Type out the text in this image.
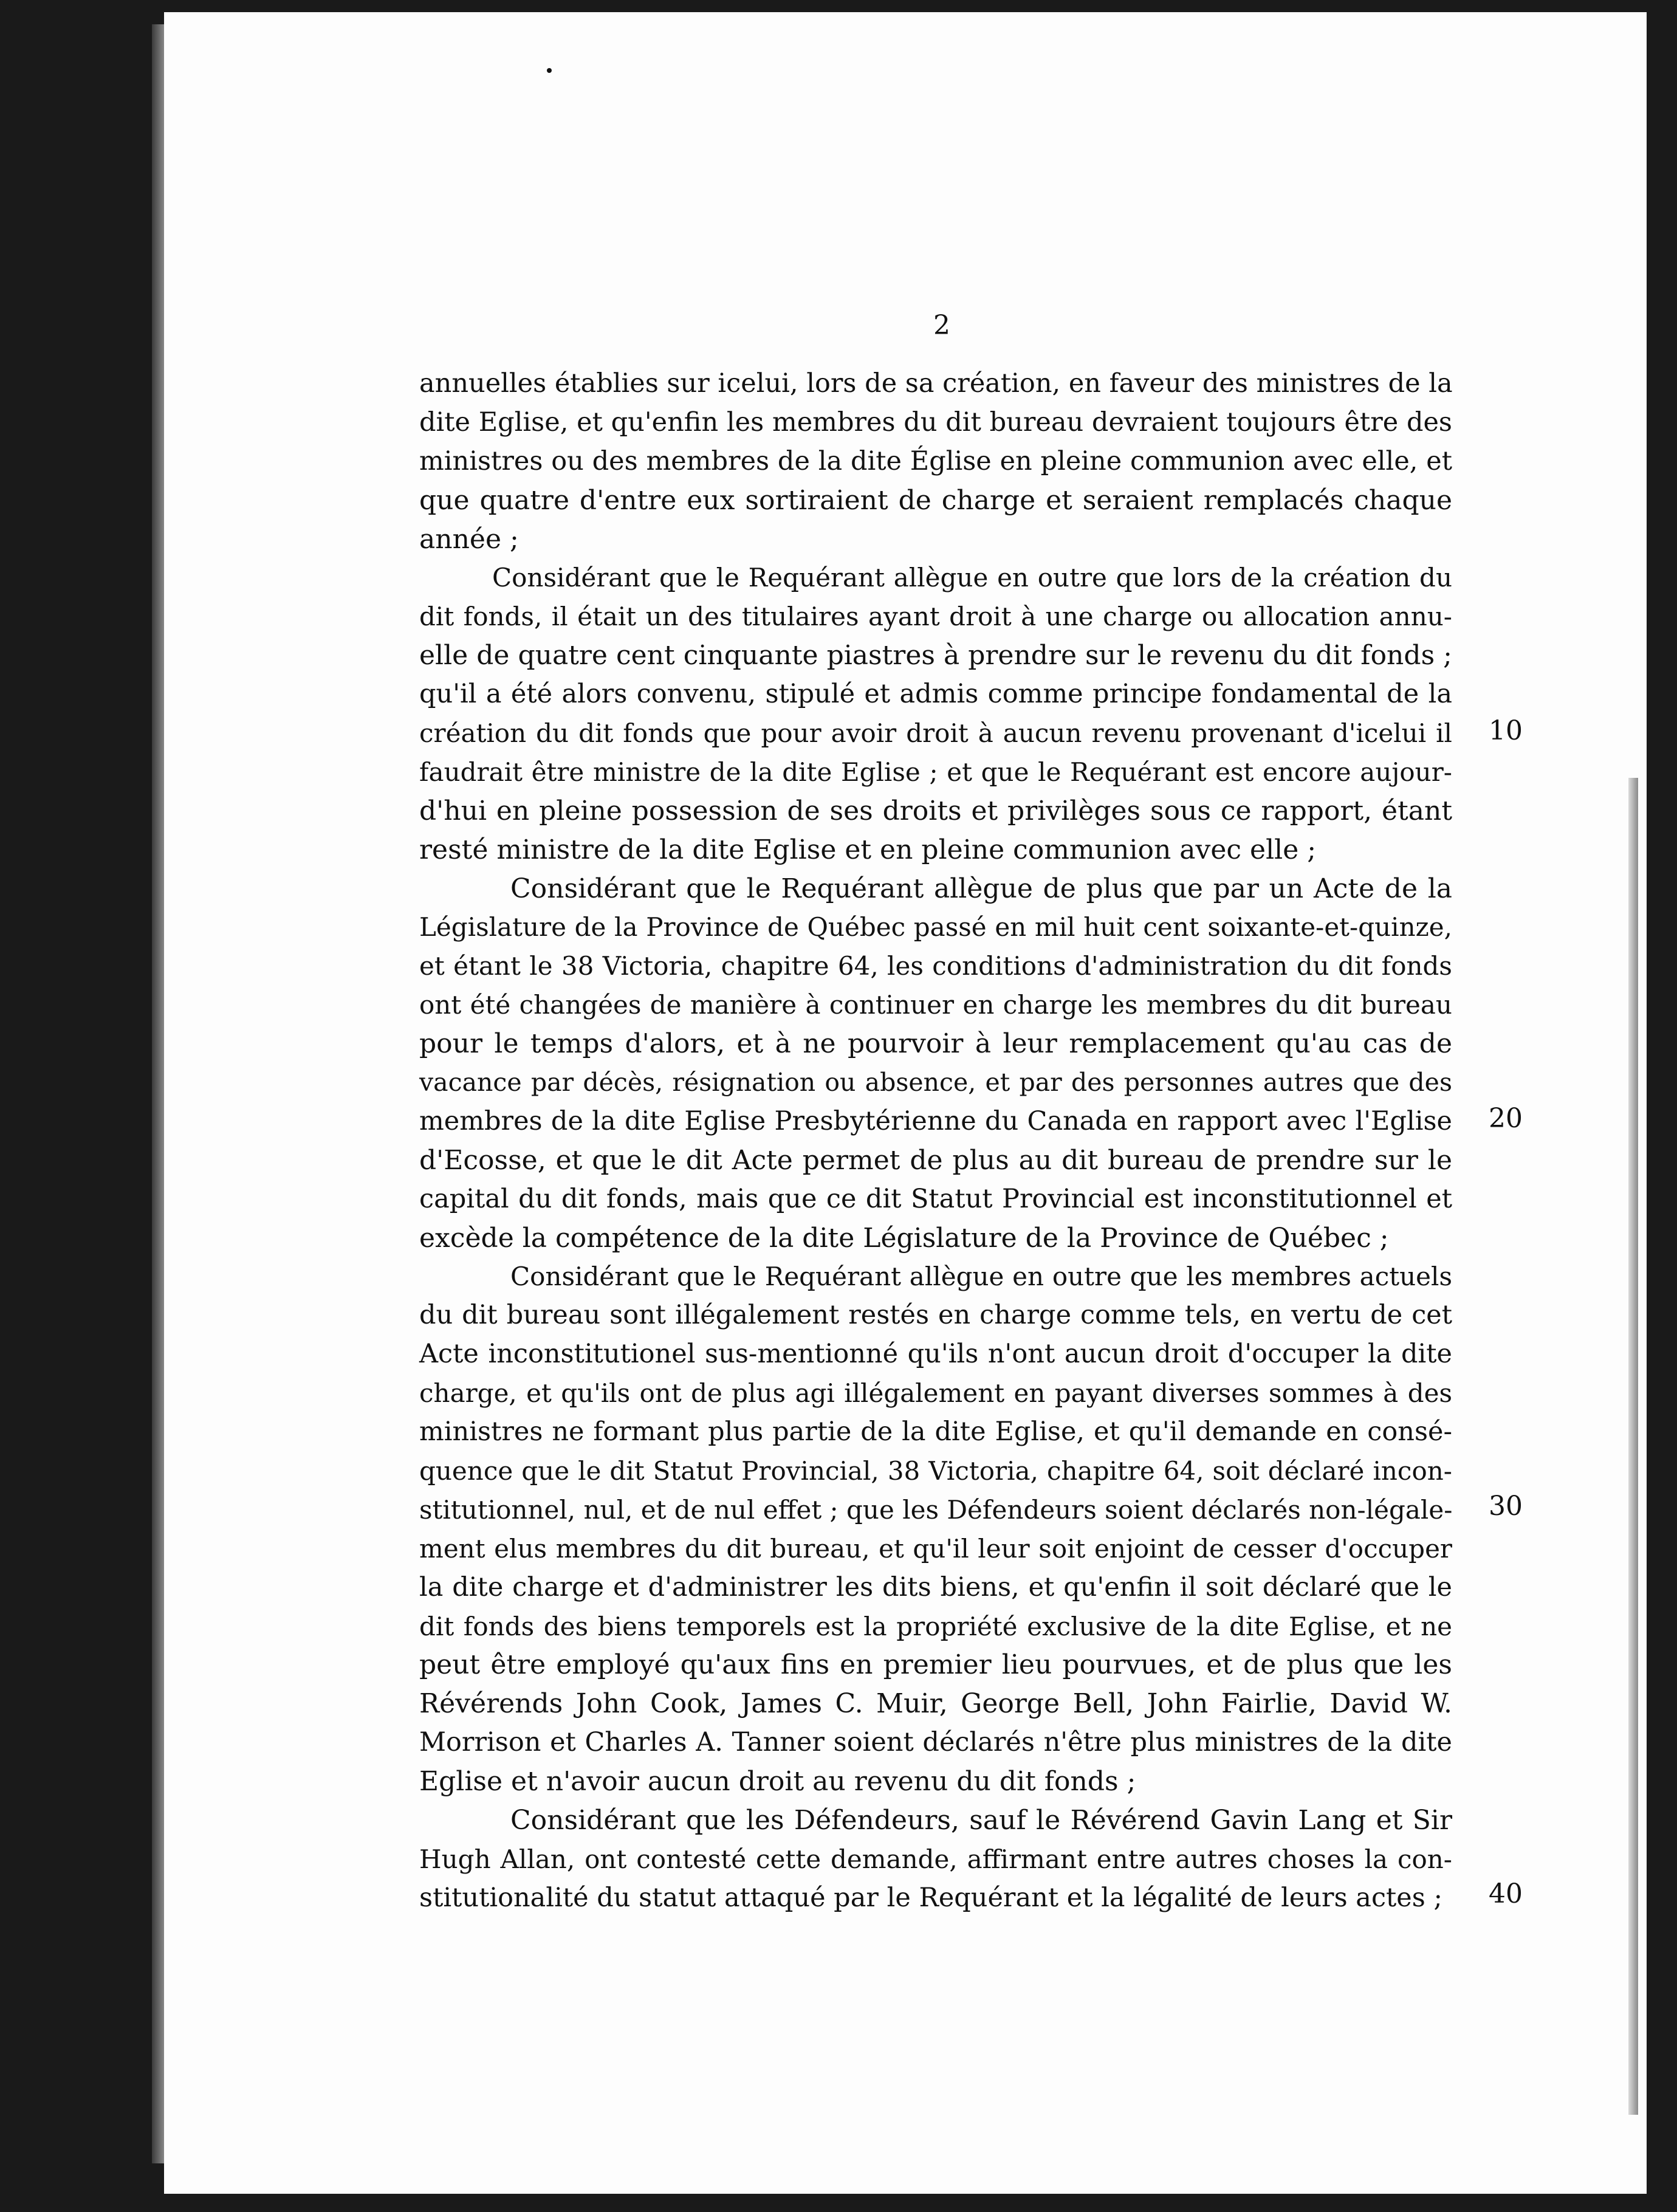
2
annuelles établies sur icelui, lors de sa création, en faveur des ministres de la
dite Eglise, et qu'enfin les membres du dit bureau devraient toujours être des
ministres ou des membres de la dite Église en pleine communion avec elle, et
que quatre d'entre eux sortiraient de charge et seraient remplacés chaque
année ;
Considérant que le Requérant allègue en outre que lors de la création du
dit fonds, il était un des titulaires ayant droit à une charge ou allocation annu-
elle de quatre cent cinquante piastres à prendre sur le revenu du dit fonds ;
qu'il a été alors convenu, stipulé et admis comme principe fondamental de la
création du dit fonds que pour avoir droit à aucun revenu provenant d'icelui il
faudrait être ministre de la dite Eglise ; et que le Requérant est encore aujour-
d'hui en pleine possession de ses droits et privilèges sous ce rapport, étant
resté ministre de la dite Eglise et en pleine communion avec elle ;
Considérant que le Requérant allègue de plus que par un Acte de la
Législature de la Province de Québec passé en mil huit cent soixante-et-quinze,
et étant le 38 Victoria, chapitre 64, les conditions d'administration du dit fonds
ont été changées de manière à continuer en charge les membres du dit bureau
pour le temps d'alors, et à ne pourvoir à leur remplacement qu'au cas de
vacance par décès, résignation ou absence, et par des personnes autres que des
membres de la dite Eglise Presbytérienne du Canada en rapport avec l'Eglise
d'Ecosse, et que le dit Acte permet de plus au dit bureau de prendre sur le
capital du dit fonds, mais que ce dit Statut Provincial est inconstitutionnel et
excède la compétence de la dite Législature de la Province de Québec ;
Considérant que le Requérant allègue en outre que les membres actuels
du dit bureau sont illégalement restés en charge comme tels, en vertu de cet
Acte inconstitutionel sus-mentionné qu'ils n'ont aucun droit d'occuper la dite
charge, et qu'ils ont de plus agi illégalement en payant diverses sommes à des
ministres ne formant plus partie de la dite Eglise, et qu'il demande en consé-
quence que le dit Statut Provincial, 38 Victoria, chapitre 64, soit déclaré incon-
stitutionnel, nul, et de nul effet ; que les Défendeurs soient déclarés non-légale-
ment elus membres du dit bureau, et qu'il leur soit enjoint de cesser d'occuper
la dite charge et d'administrer les dits biens, et qu'enfin il soit déclaré que le
dit fonds des biens temporels est la propriété exclusive de la dite Eglise, et ne
peut être employé qu'aux fins en premier lieu pourvues, et de plus que les
Révérends John Cook, James C. Muir, George Bell, John Fairlie, David W.
Morrison et Charles A. Tanner soient déclarés n'être plus ministres de la dite
Eglise et n'avoir aucun droit au revenu du dit fonds ;
Considérant que les Défendeurs, sauf le Révérend Gavin Lang et Sir
Hugh Allan, ont contesté cette demande, affirmant entre autres choses la con-
stitutionalité du statut attaqué par le Requérant et la légalité de leurs actes ;
10
20
30
40
